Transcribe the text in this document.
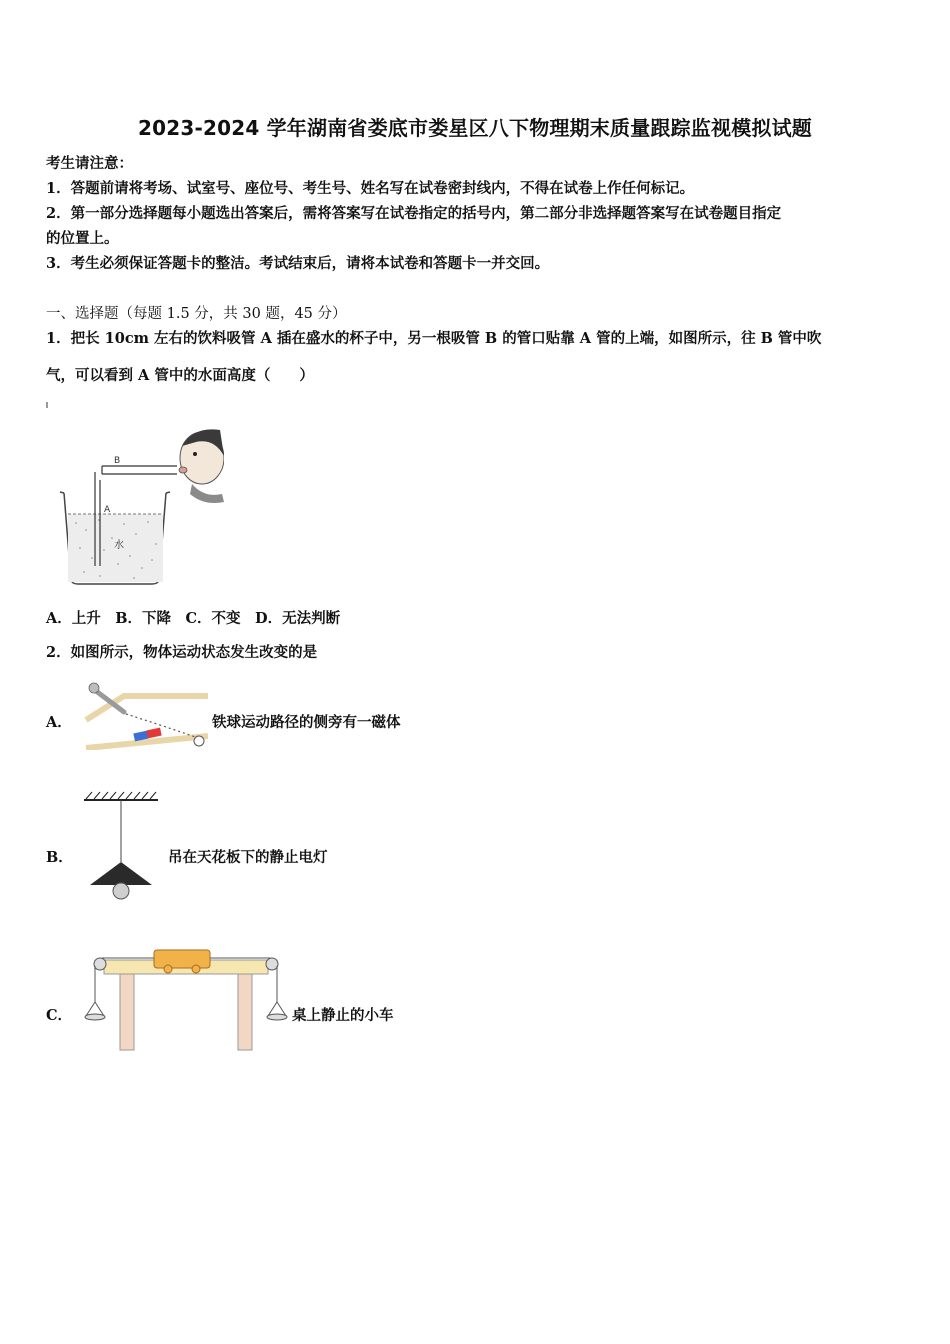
2023-2024 学年湖南省娄底市娄星区八下物理期末质量跟踪监视模拟试题
考生请注意：
1．答题前请将考场、试室号、座位号、考生号、姓名写在试卷密封线内，不得在试卷上作任何标记。
2．第一部分选择题每小题选出答案后，需将答案写在试卷指定的括号内，第二部分非选择题答案写在试卷题目指定
的位置上。
3．考生必须保证答题卡的整洁。考试结束后，请将本试卷和答题卡一并交回。
一、选择题（每题 1.5 分，共 30 题，45 分）
1．把长 10cm 左右的饮料吸管 A 插在盛水的杯子中，另一根吸管 B 的管口贴靠 A 管的上端，如图所示，往 B 管中吹
气，可以看到 A 管中的水面高度（　　）
B
A
水
A．上升　B．下降　C．不变　D．无法判断
2．如图所示，物体运动状态发生改变的是
A．	铁球运动路径的侧旁有一磁体
B．	吊在天花板下的静止电灯
C．	桌上静止的小车
